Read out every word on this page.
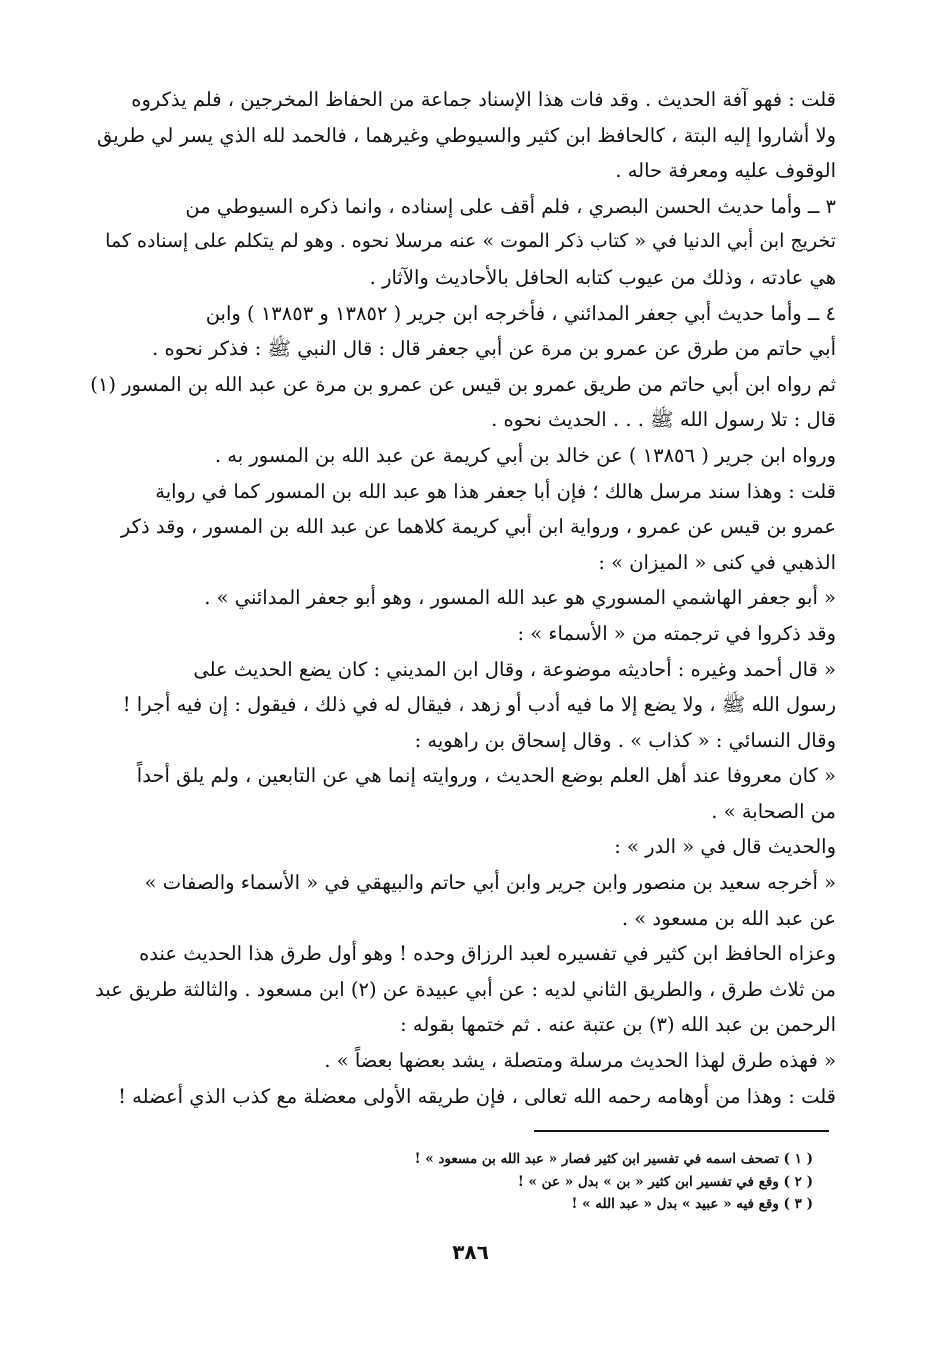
قلت : فهو آفة الحديث . وقد فات هذا الإسناد جماعة من الحفاظ المخرجين ، فلم يذكروه
ولا أشاروا إليه البتة ، كالحافظ ابن كثير والسيوطي وغيرهما ، فالحمد لله الذي يسر لي طريق
الوقوف عليه ومعرفة حاله .
٣ ــ وأما حديث الحسن البصري ، فلم أقف على إسناده ، وانما ذكره السيوطي من
تخريج ابن أبي الدنيا في « كتاب ذكر الموت » عنه مرسلا نحوه . وهو لم يتكلم على إسناده كما
هي عادته ، وذلك من عيوب كتابه الحافل بالأحاديث والآثار .
٤ ــ وأما حديث أبي جعفر المدائني ، فأخرجه ابن جرير ( ١٣٨٥٢ و ١٣٨٥٣ ) وابن
أبي حاتم من طرق عن عمرو بن مرة عن أبي جعفر قال : قال النبي ﷺ : فذكر نحوه .
ثم رواه ابن أبي حاتم من طريق عمرو بن قيس عن عمرو بن مرة عن عبد الله بن المسور (١)
قال : تلا رسول الله ﷺ . . . الحديث نحوه .
ورواه ابن جرير ( ١٣٨٥٦ ) عن خالد بن أبي كريمة عن عبد الله بن المسور به .
قلت : وهذا سند مرسل هالك ؛ فإن أبا جعفر هذا هو عبد الله بن المسور كما في رواية
عمرو بن قيس عن عمرو ، ورواية ابن أبي كريمة كلاهما عن عبد الله بن المسور ، وقد ذكر
الذهبي في كنى « الميزان » :
« أبو جعفر الهاشمي المسوري هو عبد الله المسور ، وهو أبو جعفر المدائني » .
وقد ذكروا في ترجمته من « الأسماء » :
« قال أحمد وغيره : أحاديثه موضوعة ، وقال ابن المديني : كان يضع الحديث على
رسول الله ﷺ ، ولا يضع إلا ما فيه أدب أو زهد ، فيقال له في ذلك ، فيقول : إن فيه أجرا !
وقال النسائي : « كذاب » . وقال إسحاق بن راهويه :
« كان معروفا عند أهل العلم بوضع الحديث ، وروايته إنما هي عن التابعين ، ولم يلق أحداً
من الصحابة » .
والحديث قال في « الدر » :
« أخرجه سعيد بن منصور وابن جرير وابن أبي حاتم والبيهقي في « الأسماء والصفات »
عن عبد الله بن مسعود » .
وعزاه الحافظ ابن كثير في تفسيره لعبد الرزاق وحده ! وهو أول طرق هذا الحديث عنده
من ثلاث طرق ، والطريق الثاني لديه : عن أبي عبيدة عن (٢) ابن مسعود . والثالثة طريق عبد
الرحمن بن عبد الله (٣) بن عتبة عنه . ثم ختمها بقوله :
« فهذه طرق لهذا الحديث مرسلة ومتصلة ، يشد بعضها بعضاً » .
قلت : وهذا من أوهامه رحمه الله تعالى ، فإن طريقه الأولى معضلة مع كذب الذي أعضله !
( ١ ) تصحف اسمه في تفسير ابن كثير فصار « عبد الله بن مسعود » !
( ٢ ) وقع في تفسير ابن كثير « بن » بدل « عن » !
( ٣ ) وقع فيه « عبيد » بدل « عبد الله » !
٣٨٦
